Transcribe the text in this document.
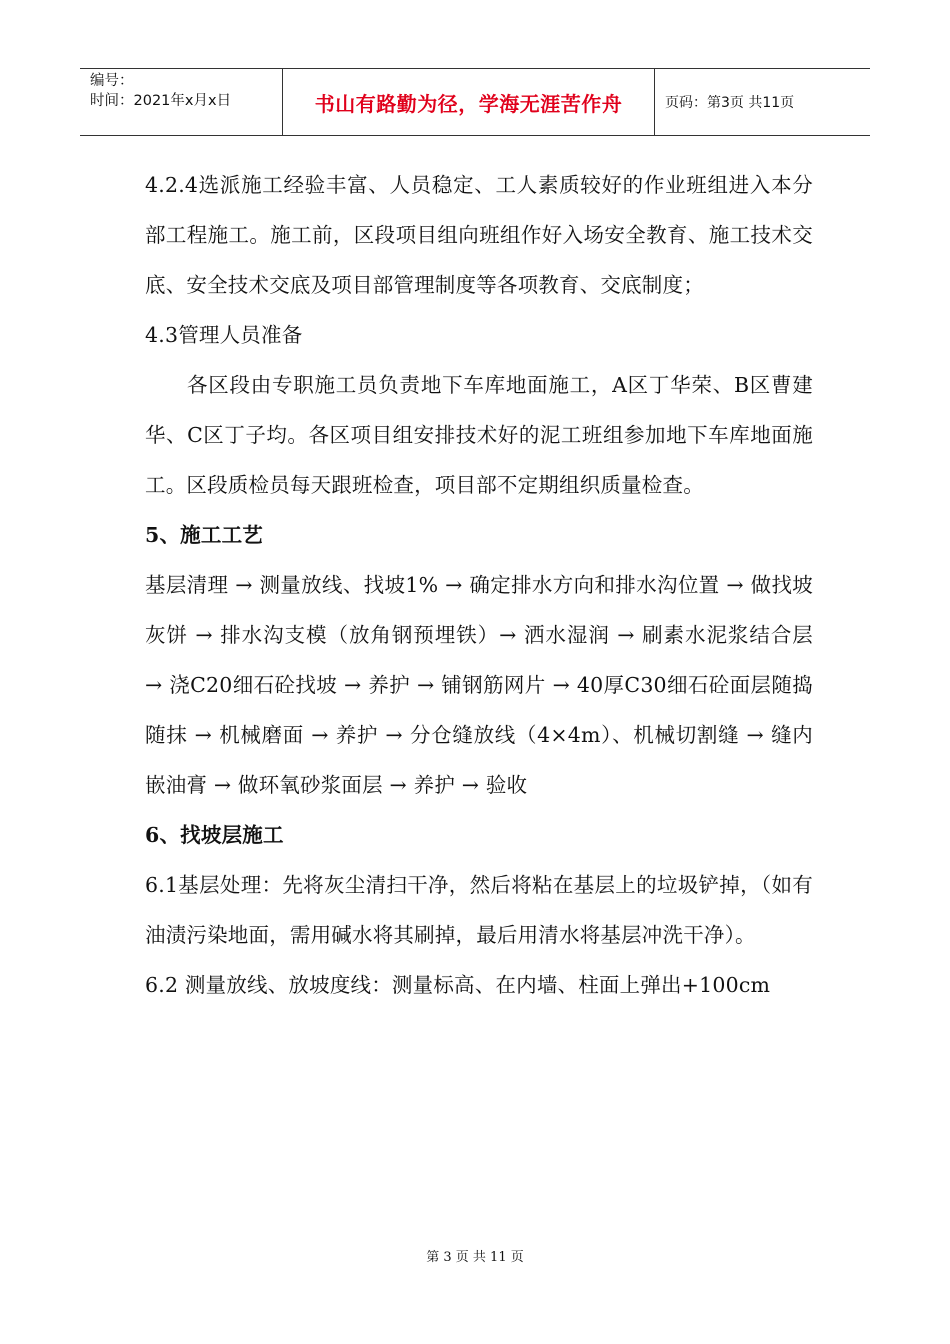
编号：
时间：2021年x月x日	书山有路勤为径，学海无涯苦作舟	页码：第3页 共11页

4.2.4选派施工经验丰富、人员稳定、工人素质较好的作业班组进入本分部工程施工。施工前，区段项目组向班组作好入场安全教育、施工技术交底、安全技术交底及项目部管理制度等各项教育、交底制度；

4.3管理人员准备

各区段由专职施工员负责地下车库地面施工，A区丁华荣、B区曹建华、C区丁子均。各区项目组安排技术好的泥工班组参加地下车库地面施工。区段质检员每天跟班检查，项目部不定期组织质量检查。

5、施工工艺

基层清理 → 测量放线、找坡1% → 确定排水方向和排水沟位置 → 做找坡灰饼 → 排水沟支模（放角钢预埋铁）→ 洒水湿润 → 刷素水泥浆结合层 → 浇C20细石砼找坡 → 养护 → 铺钢筋网片 → 40厚C30细石砼面层随捣随抹 → 机械磨面 → 养护 → 分仓缝放线（4×4m）、机械切割缝 → 缝内嵌油膏 → 做环氧砂浆面层 → 养护 → 验收

6、找坡层施工

6.1基层处理：先将灰尘清扫干净，然后将粘在基层上的垃圾铲掉，（如有油渍污染地面，需用碱水将其刷掉，最后用清水将基层冲洗干净）。

6.2 测量放线、放坡度线：测量标高、在内墙、柱面上弹出+100cm

第 3 页 共 11 页
